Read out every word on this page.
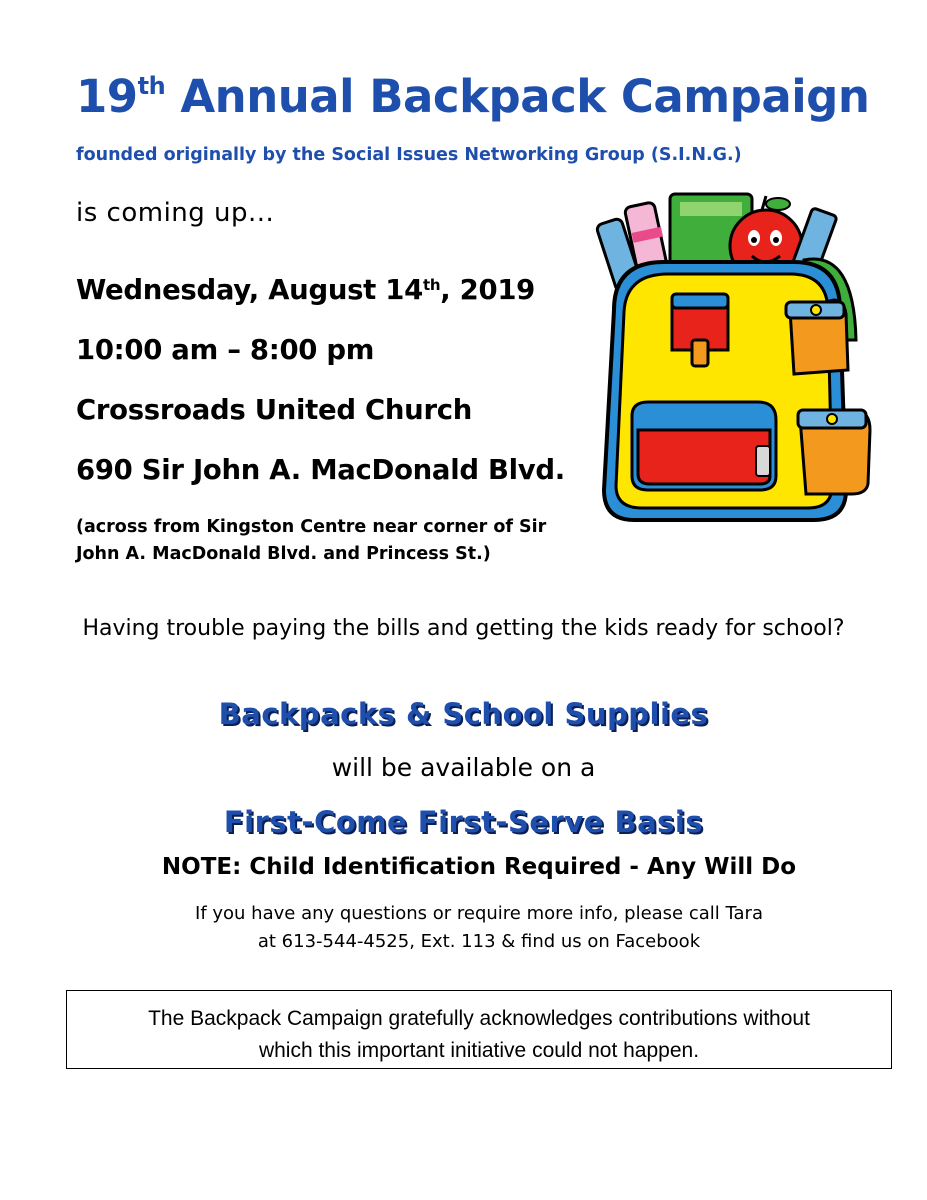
19th Annual Backpack Campaign
founded originally by the Social Issues Networking Group (S.I.N.G.)
is coming up...
Wednesday, August 14th, 2019
10:00 am – 8:00 pm
Crossroads United Church
690 Sir John A. MacDonald Blvd.
(across from Kingston Centre near corner of Sir John A. MacDonald Blvd. and Princess St.)
Having trouble paying the bills and getting the kids ready for school?
Backpacks & School Supplies
will be available on a
First-Come First-Serve Basis
NOTE: Child Identification Required - Any Will Do
If you have any questions or require more info, please call Tara
at 613-544-4525, Ext. 113 & find us on Facebook
The Backpack Campaign gratefully acknowledges contributions without
which this important initiative could not happen.
